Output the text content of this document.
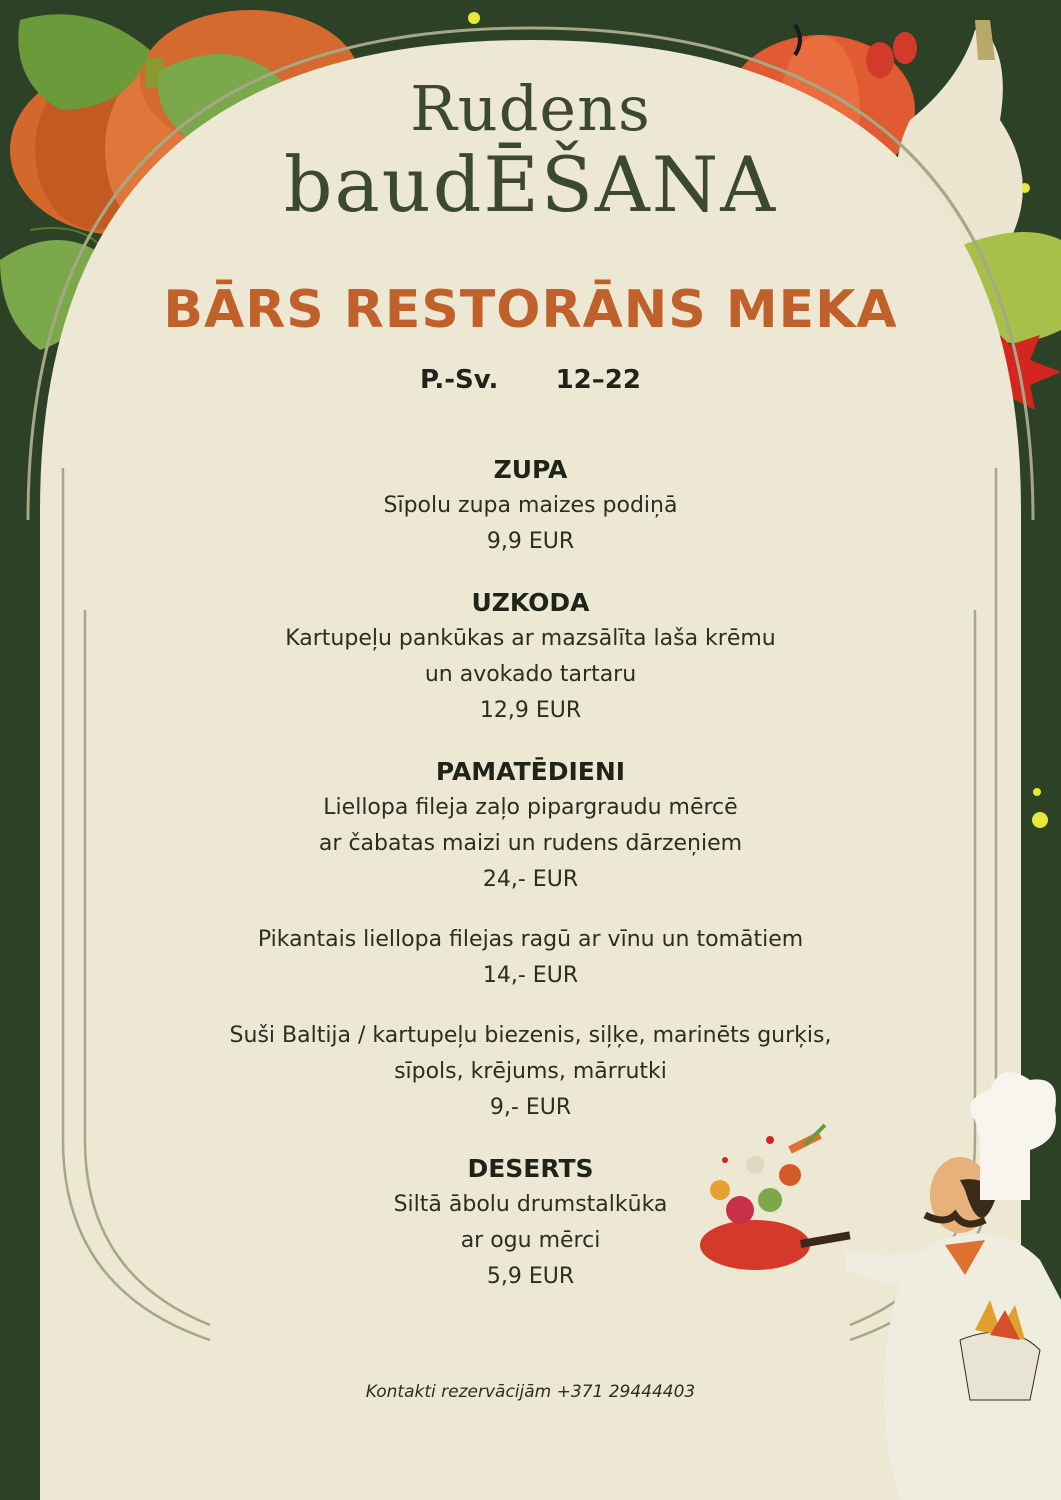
Rudens
baudĒŠANA
BĀRS RESTORĀNS MEKA
P.-Sv.   12–22
ZUPA
Sīpolu zupa maizes podiņā
9,9 EUR
UZKODA
Kartupeļu pankūkas ar mazsālīta laša krēmu
un avokado tartaru
12,9 EUR
PAMATĒDIENI
Liellopa fileja zaļo pipargraudu mērcē
ar čabatas maizi un rudens dārzeņiem
24,- EUR
Pikantais liellopa filejas ragū ar vīnu un tomātiem
14,- EUR
Suši Baltija / kartupeļu biezenis, siļķe, marinēts gurķis,
sīpols, krējums, mārrutki
9,- EUR
DESERTS
Siltā ābolu drumstalkūka
ar ogu mērci
5,9 EUR
Kontakti rezervācijām +371 29444403
